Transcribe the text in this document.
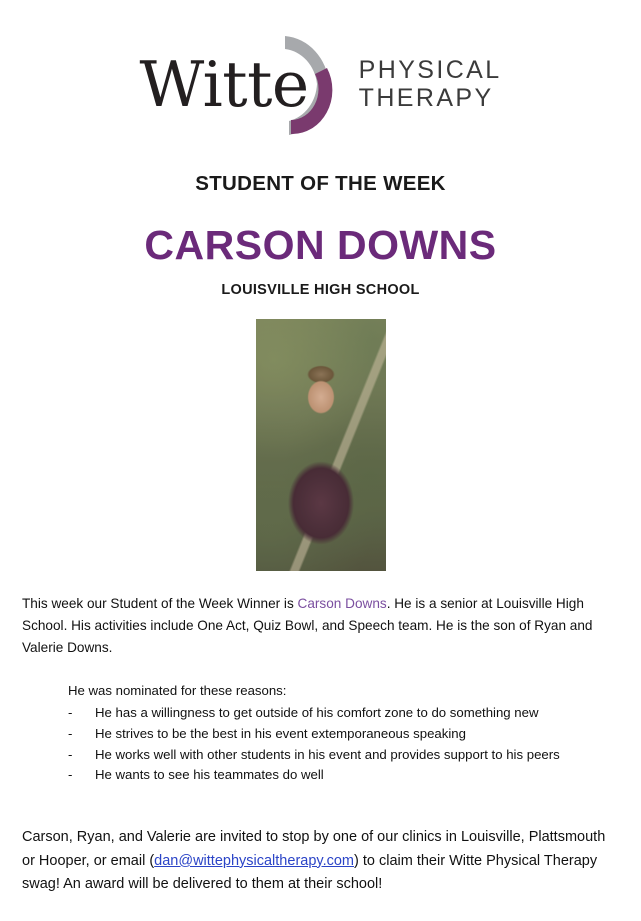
Witte PHYSICAL
THERAPY
STUDENT OF THE WEEK
CARSON DOWNS
LOUISVILLE HIGH SCHOOL
This week our Student of the Week Winner is Carson Downs. He is a senior at Louisville High School. His activities include One Act, Quiz Bowl, and Speech team. He is the son of Ryan and Valerie Downs.
He was nominated for these reasons:
-	He has a willingness to get outside of his comfort zone to do something new
-	He strives to be the best in his event extemporaneous speaking
-	He works well with other students in his event and provides support to his peers
-	He wants to see his teammates do well
Carson, Ryan, and Valerie are invited to stop by one of our clinics in Louisville, Plattsmouth or Hooper, or email (dan@wittephysicaltherapy.com) to claim their Witte Physical Therapy swag! An award will be delivered to them at their school!
